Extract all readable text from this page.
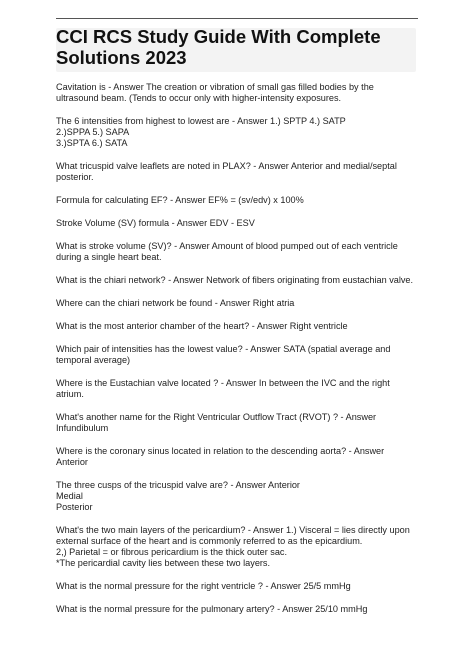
CCI RCS Study Guide With Complete Solutions 2023

Cavitation is - Answer The creation or vibration of small gas filled bodies by the ultrasound beam. (Tends to occur only with higher-intensity exposures.

The 6 intensities from highest to lowest are - Answer 1.) SPTP 4.) SATP
2.)SPPA 5.) SAPA
3.)SPTA 6.) SATA

What tricuspid valve leaflets are noted in PLAX? - Answer Anterior and medial/septal posterior.

Formula for calculating EF? - Answer EF% = (sv/edv) x 100%

Stroke Volume (SV) formula - Answer EDV - ESV

What is stroke volume (SV)? - Answer Amount of blood pumped out of each ventricle during a single heart beat.

What is the chiari network? - Answer Network of fibers originating from eustachian valve.

Where can the chiari network be found - Answer Right atria

What is the most anterior chamber of the heart? - Answer Right ventricle

Which pair of intensities has the lowest value? - Answer SATA (spatial average and temporal average)

Where is the Eustachian valve located ? - Answer In between the IVC and the right atrium.

What's another name for the Right Ventricular Outflow Tract (RVOT) ? - Answer Infundibulum

Where is the coronary sinus located in relation to the descending aorta? - Answer Anterior

The three cusps of the tricuspid valve are? - Answer Anterior
Medial
Posterior

What's the two main layers of the pericardium? - Answer 1.) Visceral = lies directly upon external surface of the heart and is commonly referred to as the epicardium.
2,) Parietal = or fibrous pericardium is the thick outer sac.
*The pericardial cavity lies between these two layers.

What is the normal pressure for the right ventricle ? - Answer 25/5 mmHg

What is the normal pressure for the pulmonary artery? - Answer 25/10 mmHg
